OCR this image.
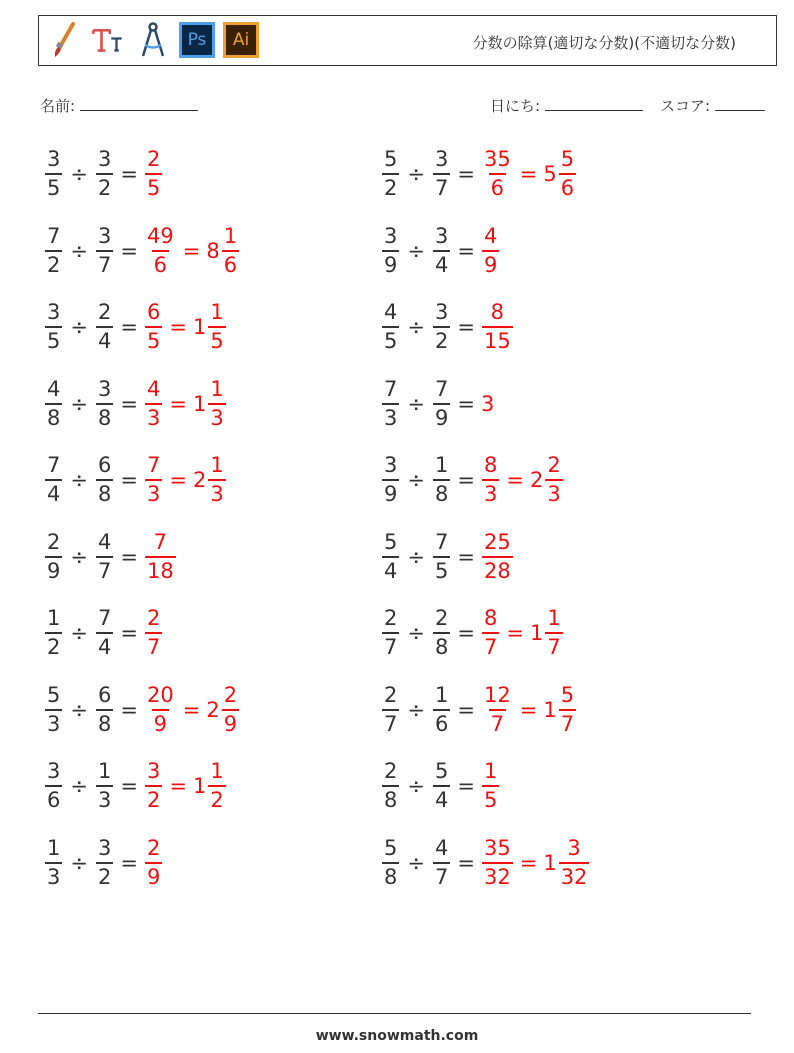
Ps Ai	分数の除算(適切な分数)(不適切な分数)
名前:	日にち:	スコア:
$\frac{3}{5} \div \frac{3}{2} = \frac{2}{5}$	$\frac{5}{2} \div \frac{3}{7} = \frac{35}{6} = 5 \frac{5}{6}$
$\frac{7}{2} \div \frac{3}{7} = \frac{49}{6} = 8 \frac{1}{6}$	$\frac{3}{9} \div \frac{3}{4} = \frac{4}{9}$
$\frac{3}{5} \div \frac{2}{4} = \frac{6}{5} = 1 \frac{1}{5}$	$\frac{4}{5} \div \frac{3}{2} = \frac{8}{15}$
$\frac{4}{8} \div \frac{3}{8} = \frac{4}{3} = 1 \frac{1}{3}$	$\frac{7}{3} \div \frac{7}{9} = 3$
$\frac{7}{4} \div \frac{6}{8} = \frac{7}{3} = 2 \frac{1}{3}$	$\frac{3}{9} \div \frac{1}{8} = \frac{8}{3} = 2 \frac{2}{3}$
$\frac{2}{9} \div \frac{4}{7} = \frac{7}{18}$	$\frac{5}{4} \div \frac{7}{5} = \frac{25}{28}$
$\frac{1}{2} \div \frac{7}{4} = \frac{2}{7}$	$\frac{2}{7} \div \frac{2}{8} = \frac{8}{7} = 1 \frac{1}{7}$
$\frac{5}{3} \div \frac{6}{8} = \frac{20}{9} = 2 \frac{2}{9}$	$\frac{2}{7} \div \frac{1}{6} = \frac{12}{7} = 1 \frac{5}{7}$
$\frac{3}{6} \div \frac{1}{3} = \frac{3}{2} = 1 \frac{1}{2}$	$\frac{2}{8} \div \frac{5}{4} = \frac{1}{5}$
$\frac{1}{3} \div \frac{3}{2} = \frac{2}{9}$	$\frac{5}{8} \div \frac{4}{7} = \frac{35}{32} = 1 \frac{3}{32}$
www.snowmath.com
